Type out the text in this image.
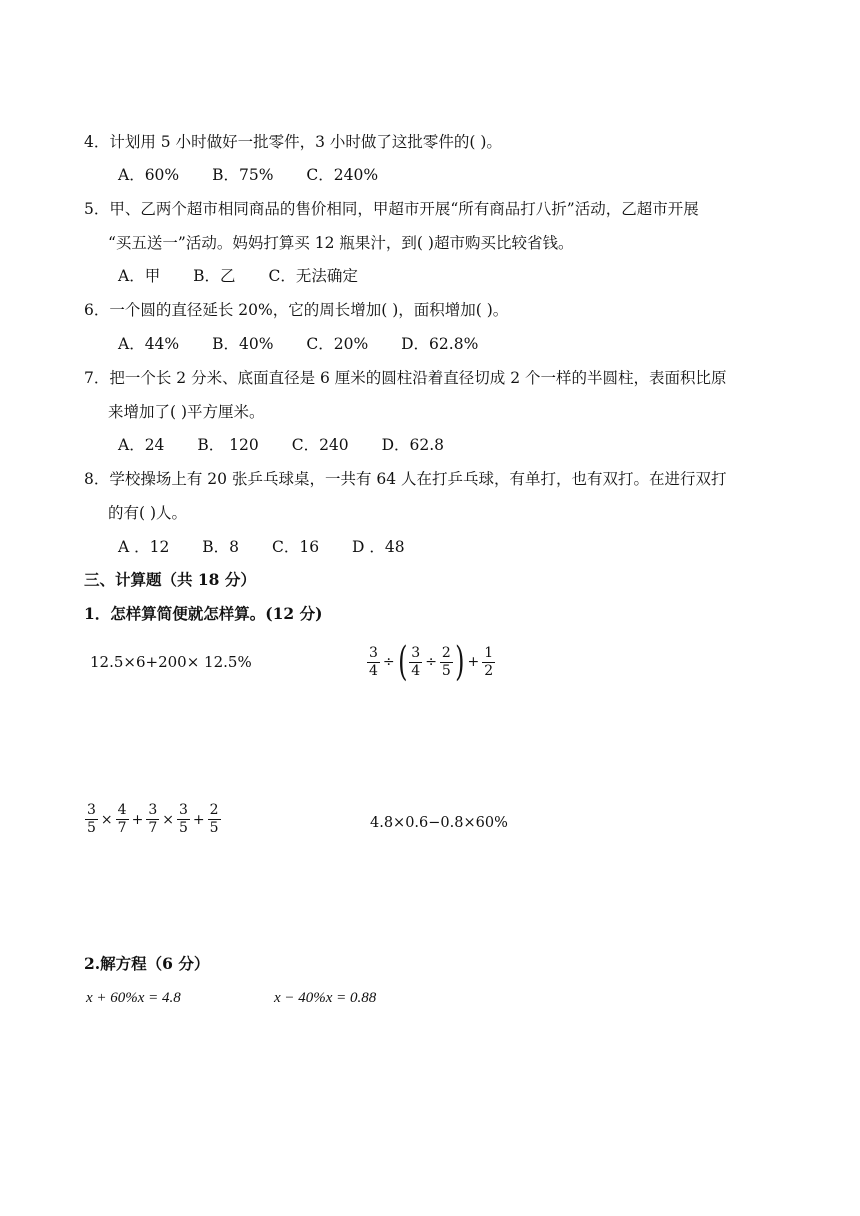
4．计划用 5 小时做好一批零件，3 小时做了这批零件的( )。
A．60% B．75% C．240%
5．甲、乙两个超市相同商品的售价相同，甲超市开展“所有商品打八折”活动，乙超市开展
“买五送一”活动。妈妈打算买 12 瓶果汁，到( )超市购买比较省钱。
A．甲 B．乙 C．无法确定
6．一个圆的直径延长 20%，它的周长增加( )，面积增加( )。
A．44% B．40% C．20% D．62.8%
7．把一个长 2 分米、底面直径是 6 厘米的圆柱沿着直径切成 2 个一样的半圆柱，表面积比原
来增加了( )平方厘米。
A．24 B． 120 C．240 D．62.8
8．学校操场上有 20 张乒乓球桌，一共有 64 人在打乒乓球，有单打，也有双打。在进行双打
的有( )人。
A ．12 B．8 C．16 D ．48
三、计算题（共 18 分）
1．怎样算简便就怎样算。(12 分)
12.5×6+200× 12.5%	$\frac{3}{4}$ ÷( $\frac{3}{4} \div \frac{2}{5}$ ) + $\frac{1}{2}$
$\frac{3}{5} \times \frac{4}{7} + \frac{3}{7} \times \frac{3}{5} + \frac{2}{5}$	4.8×0.6−0.8×60%
2.解方程（6 分）
x + 60%x = 4.8	x − 40%x = 0.88
